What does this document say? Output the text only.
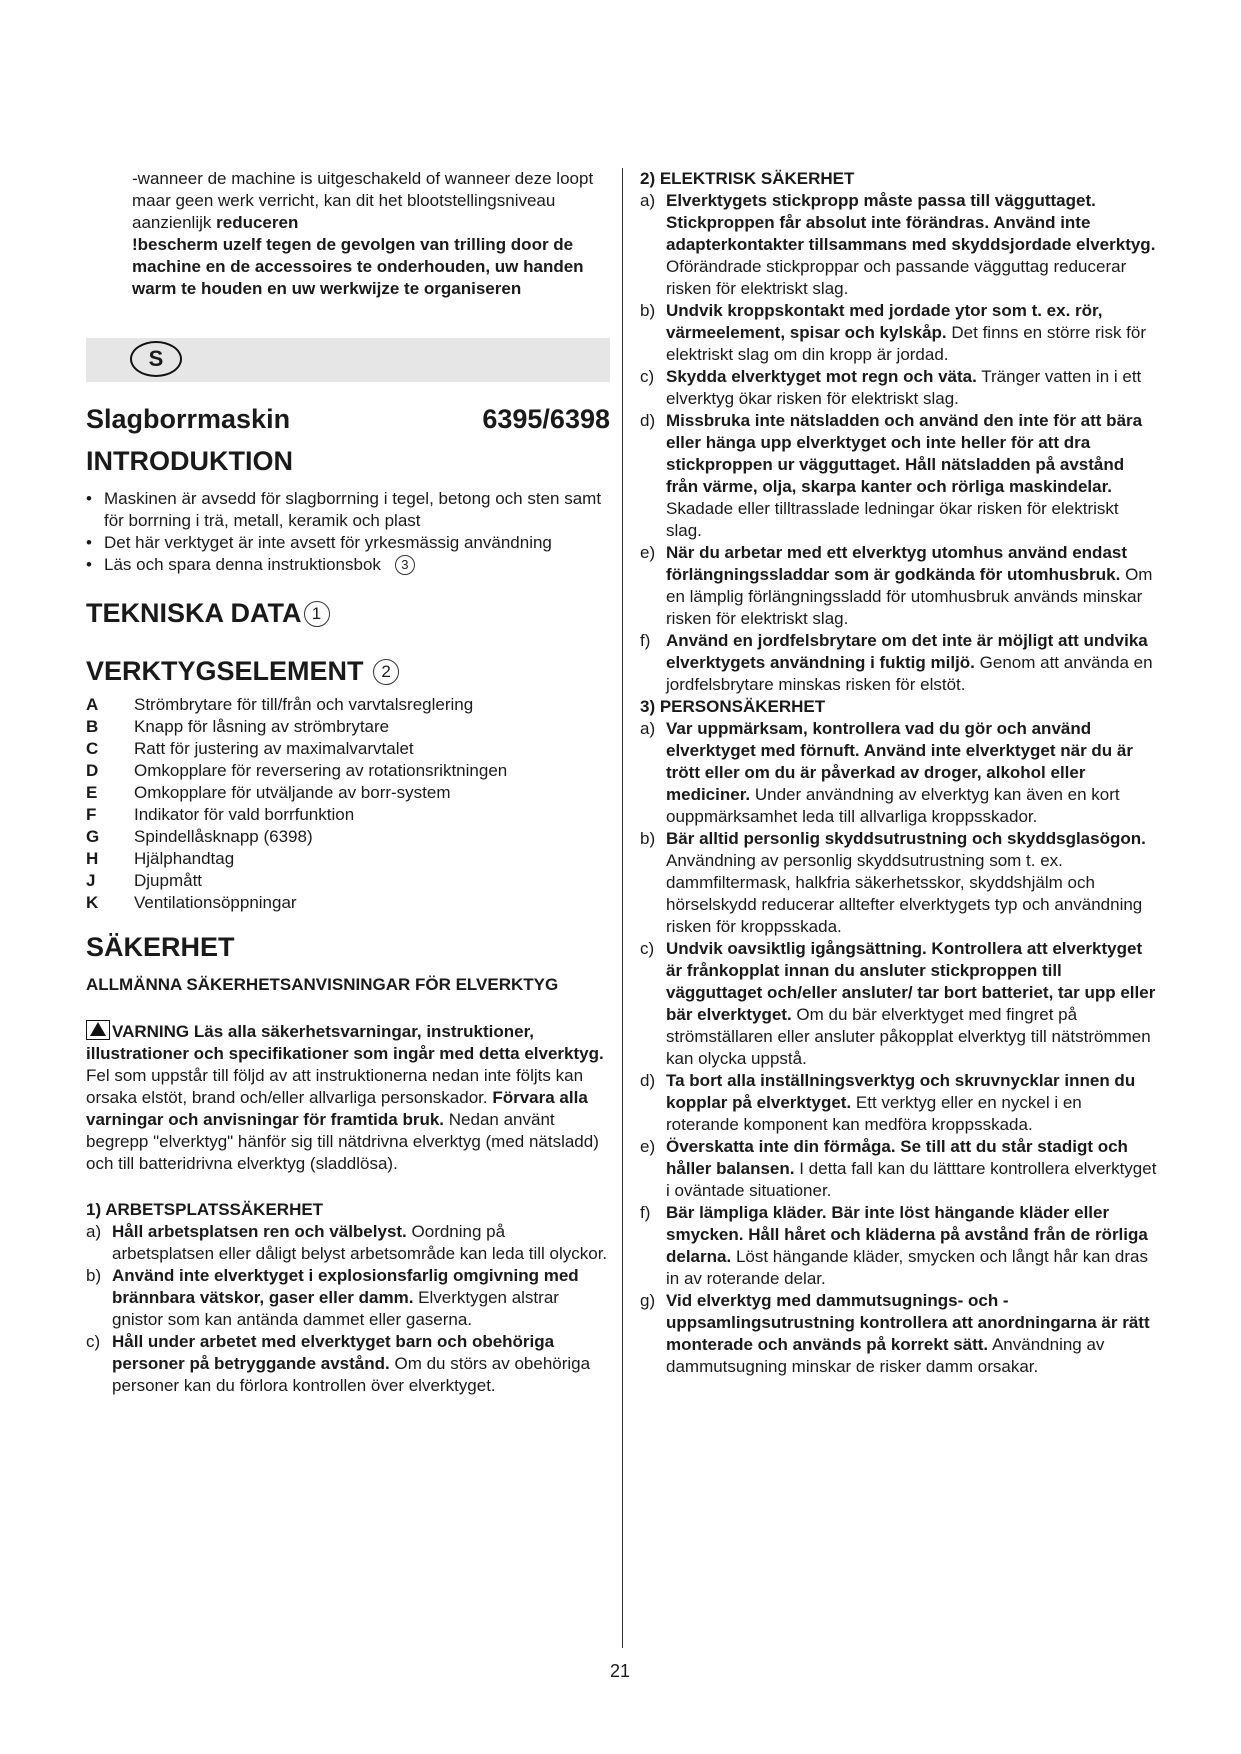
-wanneer de machine is uitgeschakeld of wanneer deze loopt maar geen werk verricht, kan dit het blootstellingsniveau aanzienlijk reduceren

!bescherm uzelf tegen de gevolgen van trilling door de machine en de accessoires te onderhouden, uw handen warm te houden en uw werkwijze te organiseren

S
Slagborrmaskin	6395/6398
INTRODUKTION
• Maskinen är avsedd för slagborrning i tegel, betong och sten samt för borrning i trä, metall, keramik och plast
• Det här verktyget är inte avsett för yrkesmässig användning
• Läs och spara denna instruktionsbok 3
TEKNISKA DATA 1
VERKTYGSELEMENT 2
A	Strömbrytare för till/från och varvtalsreglering
B	Knapp för låsning av strömbrytare
C	Ratt för justering av maximalvarvtalet
D	Omkopplare för reversering av rotationsriktningen
E	Omkopplare för utväljande av borr-system
F	Indikator för vald borrfunktion
G	Spindellåsknapp (6398)
H	Hjälphandtag
J	Djupmått
K	Ventilationsöppningar
SÄKERHET

ALLMÄNNA SÄKERHETSANVISNINGAR FÖR ELVERKTYG

VARNING Läs alla säkerhetsvarningar, instruktioner, illustrationer och specifikationer som ingår med detta elverktyg. Fel som uppstår till följd av att instruktionerna nedan inte följts kan orsaka elstöt, brand och/eller allvarliga personskador. Förvara alla varningar och anvisningar för framtida bruk. Nedan använt begrepp "elverktyg" hänför sig till nätdrivna elverktyg (med nätsladd) och till batteridrivna elverktyg (sladdlösa).

1) ARBETSPLATSSÄKERHET

a) Håll arbetsplatsen ren och välbelyst. Oordning på arbetsplatsen eller dåligt belyst arbetsområde kan leda till olyckor.
b) Använd inte elverktyget i explosionsfarlig omgivning med brännbara vätskor, gaser eller damm. Elverktygen alstrar gnistor som kan antända dammet eller gaserna.
c) Håll under arbetet med elverktyget barn och obehöriga personer på betryggande avstånd. Om du störs av obehöriga personer kan du förlora kontrollen över elverktyget.

2) ELEKTRISK SÄKERHET

a) Elverktygets stickpropp måste passa till vägguttaget. Stickproppen får absolut inte förändras. Använd inte adapterkontakter tillsammans med skyddsjordade elverktyg. Oförändrade stickproppar och passande vägguttag reducerar risken för elektriskt slag.
b) Undvik kroppskontakt med jordade ytor som t. ex. rör, värmeelement, spisar och kylskåp. Det finns en större risk för elektriskt slag om din kropp är jordad.
c) Skydda elverktyget mot regn och väta. Tränger vatten in i ett elverktyg ökar risken för elektriskt slag.
d) Missbruka inte nätsladden och använd den inte för att bära eller hänga upp elverktyget och inte heller för att dra stickproppen ur vägguttaget. Håll nätsladden på avstånd från värme, olja, skarpa kanter och rörliga maskindelar. Skadade eller tilltrasslade ledningar ökar risken för elektriskt slag.
e) När du arbetar med ett elverktyg utomhus använd endast förlängningssladdar som är godkända för utomhusbruk. Om en lämplig förlängningssladd för utomhusbruk används minskar risken för elektriskt slag.
f) Använd en jordfelsbrytare om det inte är möjligt att undvika elverktygets användning i fuktig miljö. Genom att använda en jordfelsbrytare minskas risken för elstöt.

3) PERSONSÄKERHET

a) Var uppmärksam, kontrollera vad du gör och använd elverktyget med förnuft. Använd inte elverktyget när du är trött eller om du är påverkad av droger, alkohol eller mediciner. Under användning av elverktyg kan även en kort ouppmärksamhet leda till allvarliga kroppsskador.
b) Bär alltid personlig skyddsutrustning och skyddsglasögon. Användning av personlig skyddsutrustning som t. ex. dammfiltermask, halkfria säkerhetsskor, skyddshjälm och hörselskydd reducerar alltefter elverktygets typ och användning risken för kroppsskada.
c) Undvik oavsiktlig igångsättning. Kontrollera att elverktyget är frånkopplat innan du ansluter stickproppen till vägguttaget och/eller ansluter/ tar bort batteriet, tar upp eller bär elverktyget. Om du bär elverktyget med fingret på strömställaren eller ansluter påkopplat elverktyg till nätströmmen kan olycka uppstå.
d) Ta bort alla inställningsverktyg och skruvnycklar innen du kopplar på elverktyget. Ett verktyg eller en nyckel i en roterande komponent kan medföra kroppsskada.
e) Överskatta inte din förmåga. Se till att du står stadigt och håller balansen. I detta fall kan du lätttare kontrollera elverktyget i oväntade situationer.
f) Bär lämpliga kläder. Bär inte löst hängande kläder eller smycken. Håll håret och kläderna på avstånd från de rörliga delarna. Löst hängande kläder, smycken och långt hår kan dras in av roterande delar.
g) Vid elverktyg med dammutsugnings- och -uppsamlingsutrustning kontrollera att anordningarna är rätt monterade och används på korrekt sätt. Användning av dammutsugning minskar de risker damm orsakar.
21
